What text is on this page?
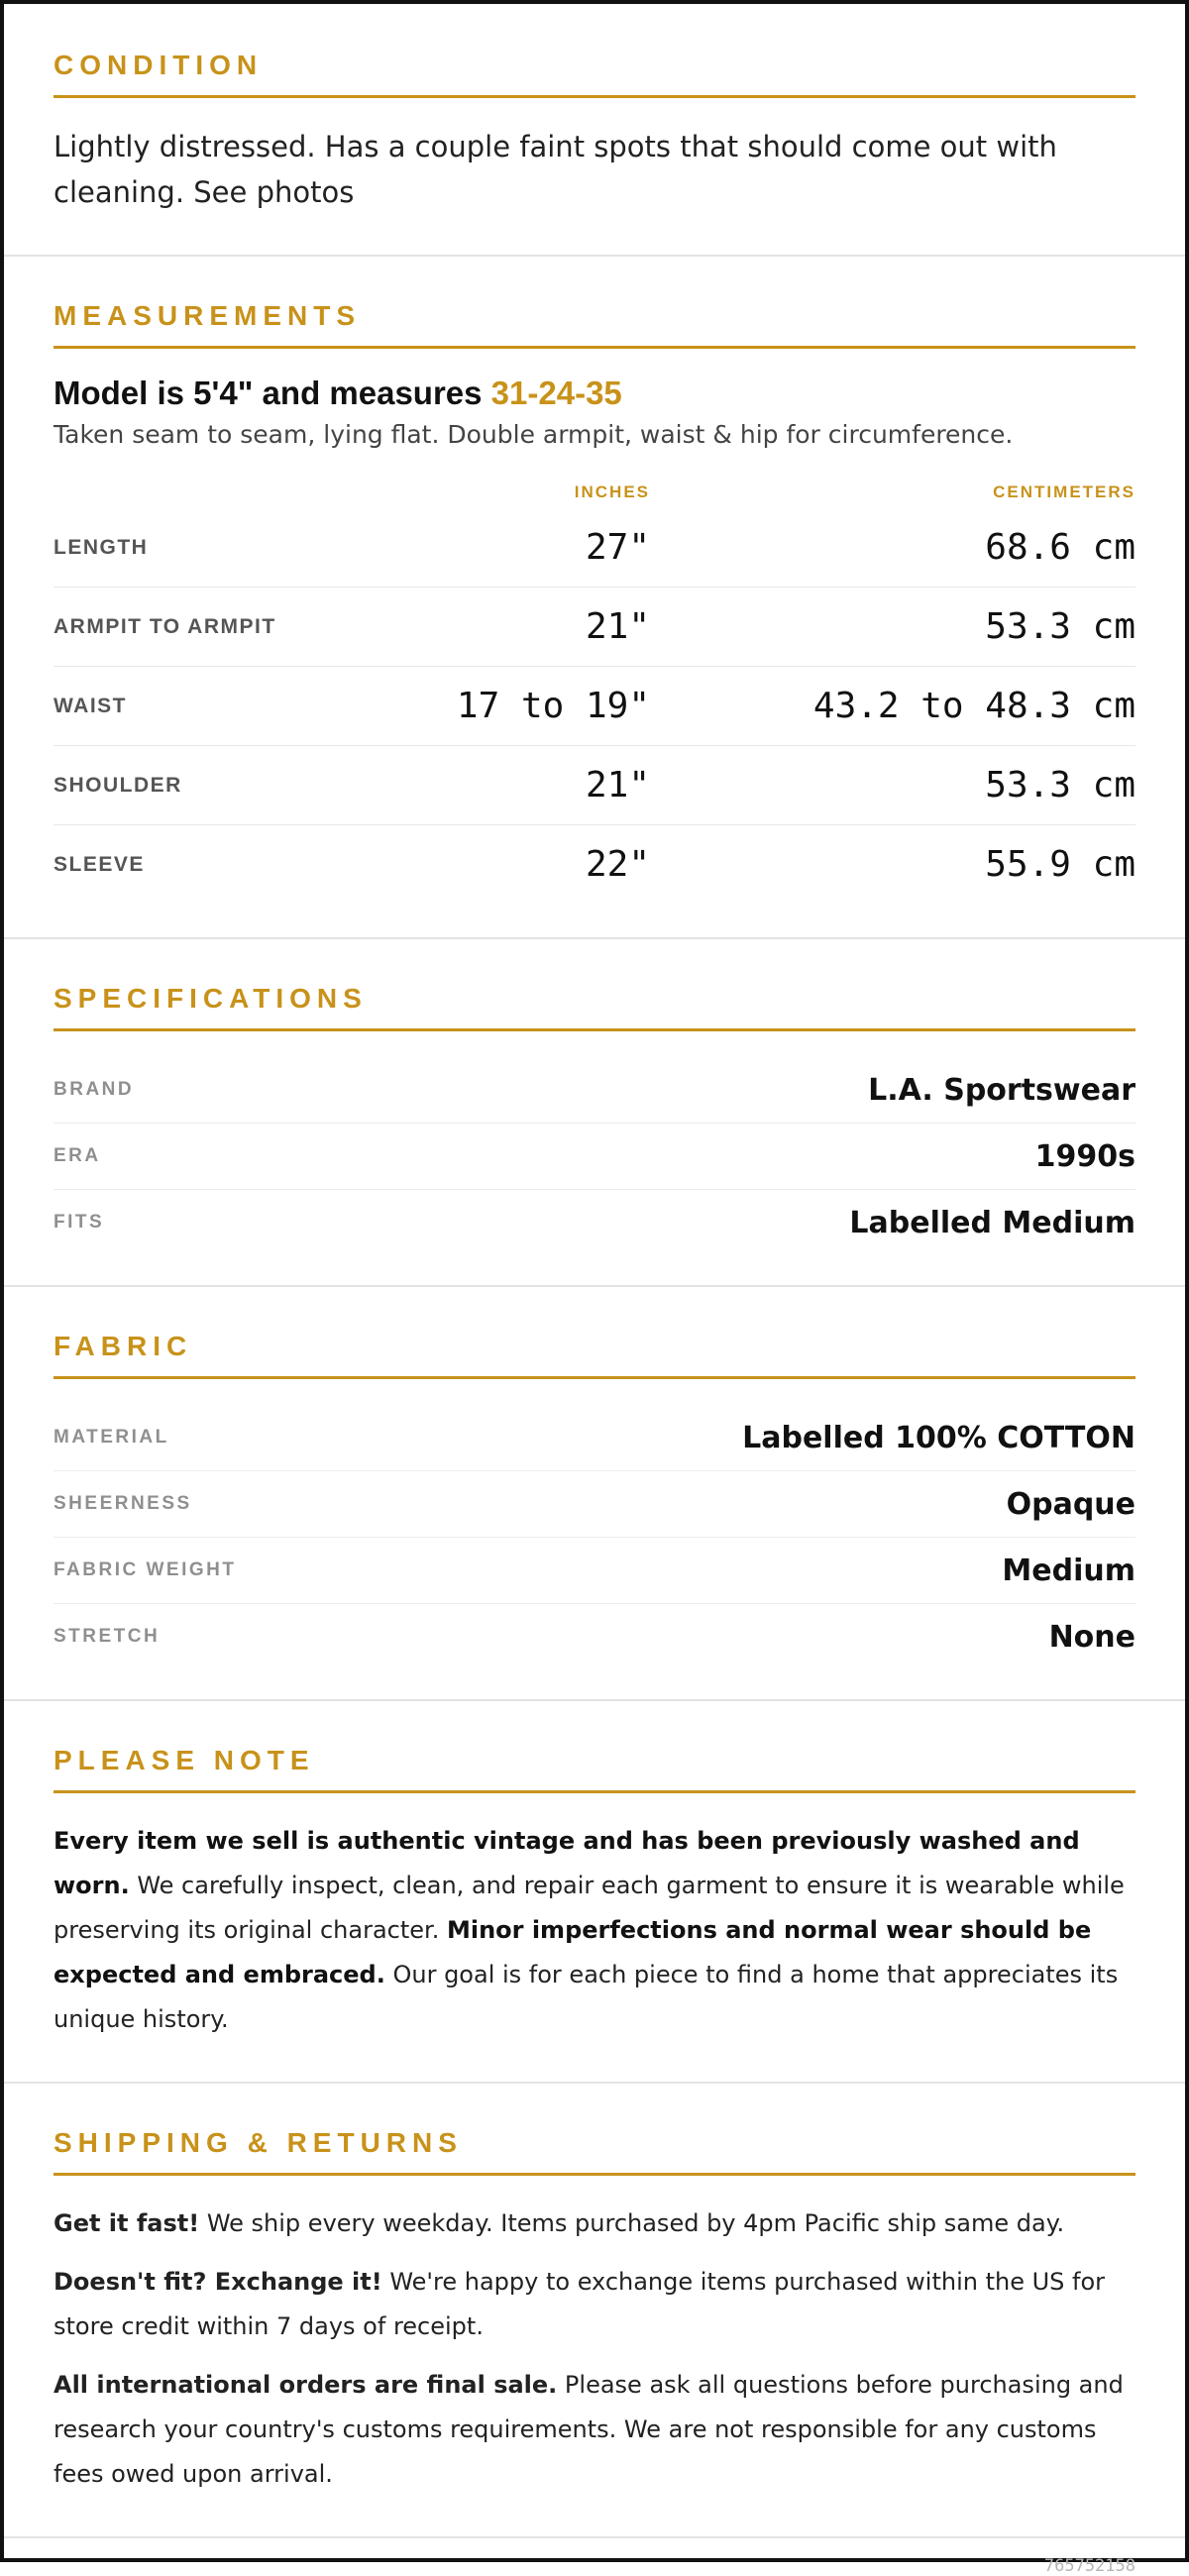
CONDITION
Lightly distressed. Has a couple faint spots that should come out with cleaning. See photos
MEASUREMENTS
Model is 5'4" and measures 31-24-35
Taken seam to seam, lying flat. Double armpit, waist & hip for circumference.
INCHES	CENTIMETERS
LENGTH	27"	68.6 cm
ARMPIT TO ARMPIT	21"	53.3 cm
WAIST	17 to 19"	43.2 to 48.3 cm
SHOULDER	21"	53.3 cm
SLEEVE	22"	55.9 cm
SPECIFICATIONS
BRAND	L.A. Sportswear
ERA	1990s
FITS	Labelled Medium
FABRIC
MATERIAL	Labelled 100% COTTON
SHEERNESS	Opaque
FABRIC WEIGHT	Medium
STRETCH	None
PLEASE NOTE

Every item we sell is authentic vintage and has been previously washed and worn. We carefully inspect, clean, and repair each garment to ensure it is wearable while preserving its original character. Minor imperfections and normal wear should be expected and embraced. Our goal is for each piece to find a home that appreciates its unique history.

SHIPPING & RETURNS

Get it fast! We ship every weekday. Items purchased by 4pm Pacific ship same day.

Doesn't fit? Exchange it! We're happy to exchange items purchased within the US for store credit within 7 days of receipt.

All international orders are final sale. Please ask all questions before purchasing and research your country's customs requirements. We are not responsible for any customs fees owed upon arrival.

765752158
